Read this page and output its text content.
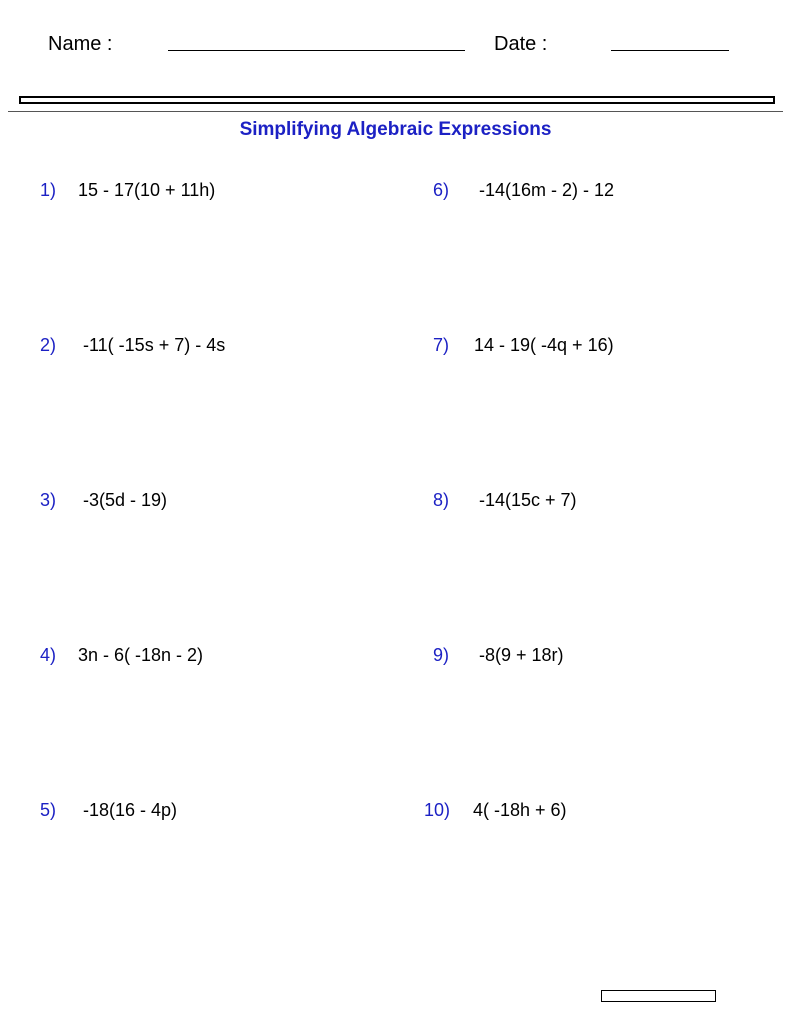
Name :	Date :
Simplifying Algebraic Expressions
1) 15 - 17(10 + 11h)
2) -11( -15s + 7) - 4s
3) -3(5d - 19)
4) 3n - 6( -18n - 2)
5) -18(16 - 4p)
6) -14(16m - 2) - 12
7) 14 - 19( -4q + 16)
8) -14(15c + 7)
9) -8(9 + 18r)
10) 4( -18h + 6)
